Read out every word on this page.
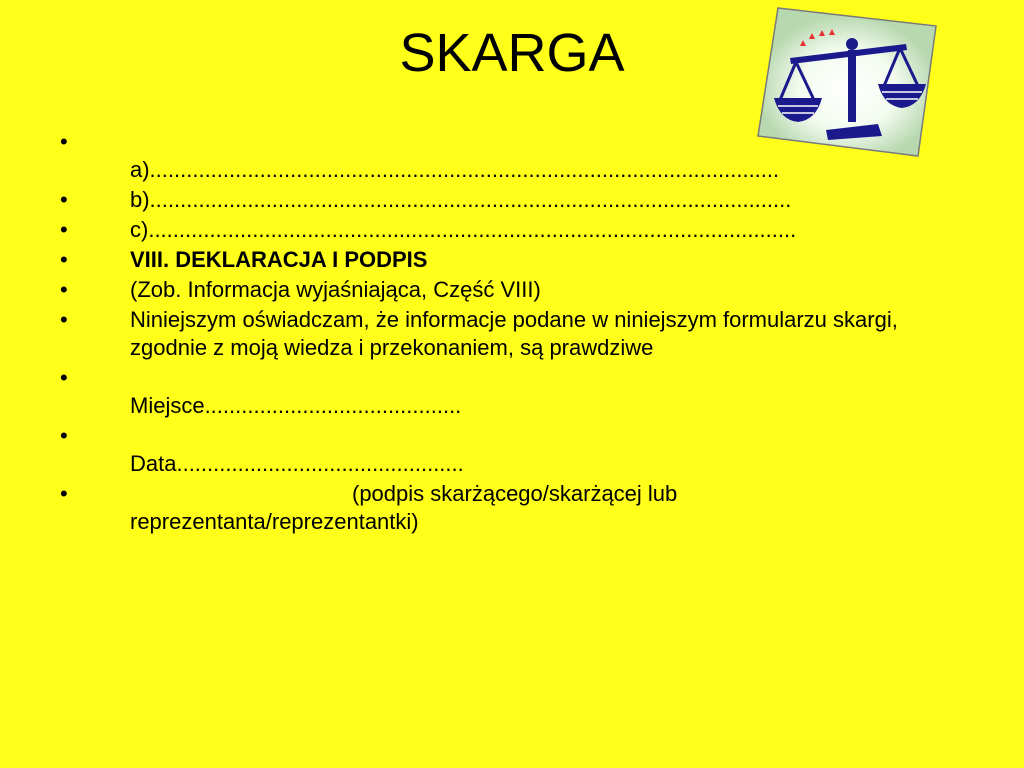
SKARGA
•
a).......................................................................................................
•	b).........................................................................................................
•	c)..........................................................................................................
•	VIII. DEKLARACJA I PODPIS
•	(Zob. Informacja wyjaśniająca, Część VIII)
•	Niniejszym oświadczam, że informacje podane w niniejszym formularzu skargi, zgodnie z moją wiedza i przekonaniem, są prawdziwe
•
Miejsce..........................................
•
Data...............................................
•	(podpis skarżącego/skarżącej lub
reprezentanta/reprezentantki)
